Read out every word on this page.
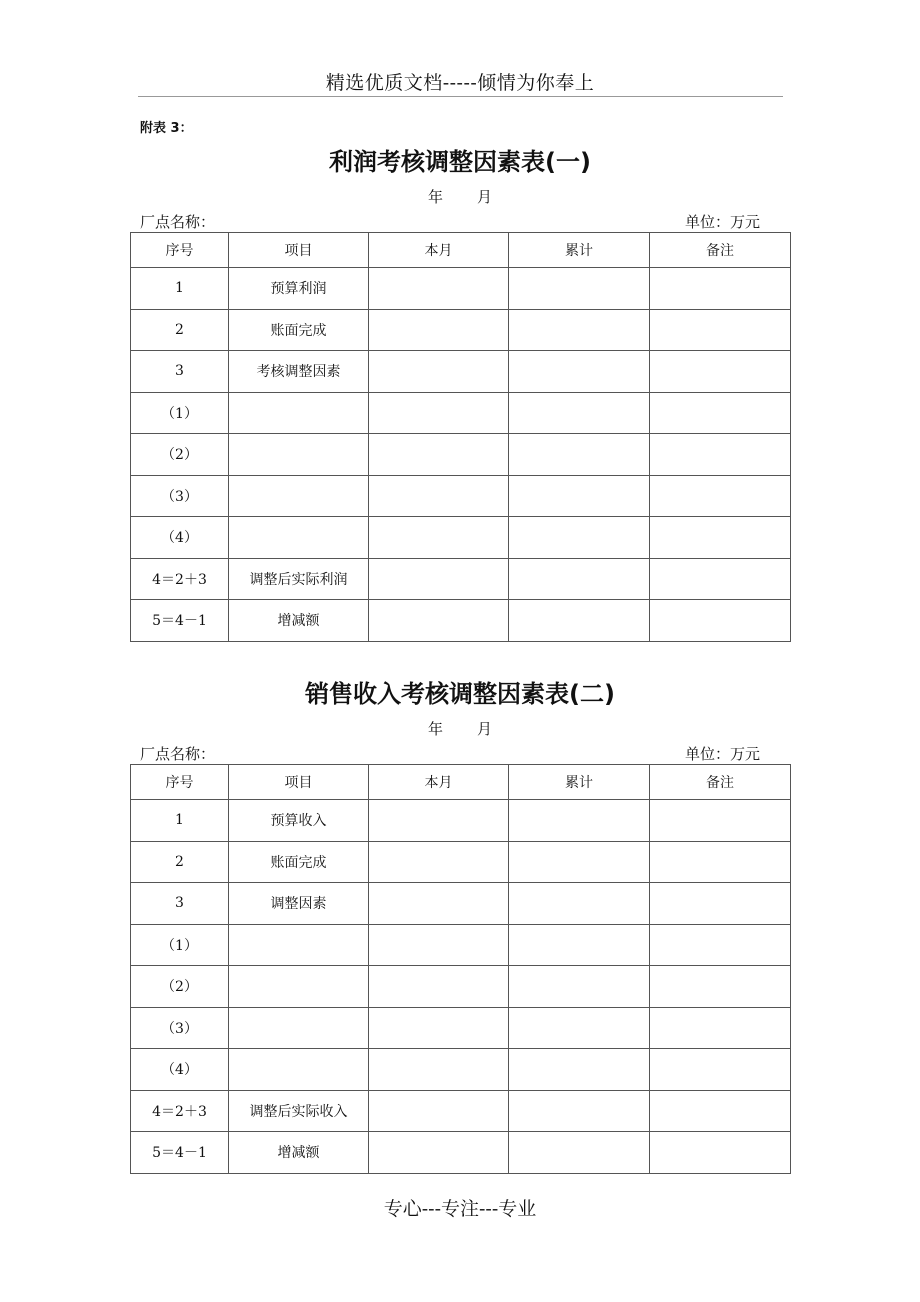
精选优质文档-----倾情为你奉上
附表 3：
利润考核调整因素表(一)
年 月
厂点名称：	单位：万元
序号	项目	本月	累计	备注
1	预算利润			
2	账面完成			
3	考核调整因素			
（1）				
（2）				
（3）				
（4）				
4＝2＋3	调整后实际利润			
5＝4－1	增减额			
销售收入考核调整因素表(二)
年 月
厂点名称：	单位：万元
序号	项目	本月	累计	备注
1	预算收入			
2	账面完成			
3	调整因素			
（1）				
（2）				
（3）				
（4）				
4＝2＋3	调整后实际收入			
5＝4－1	增减额			
专心---专注---专业
